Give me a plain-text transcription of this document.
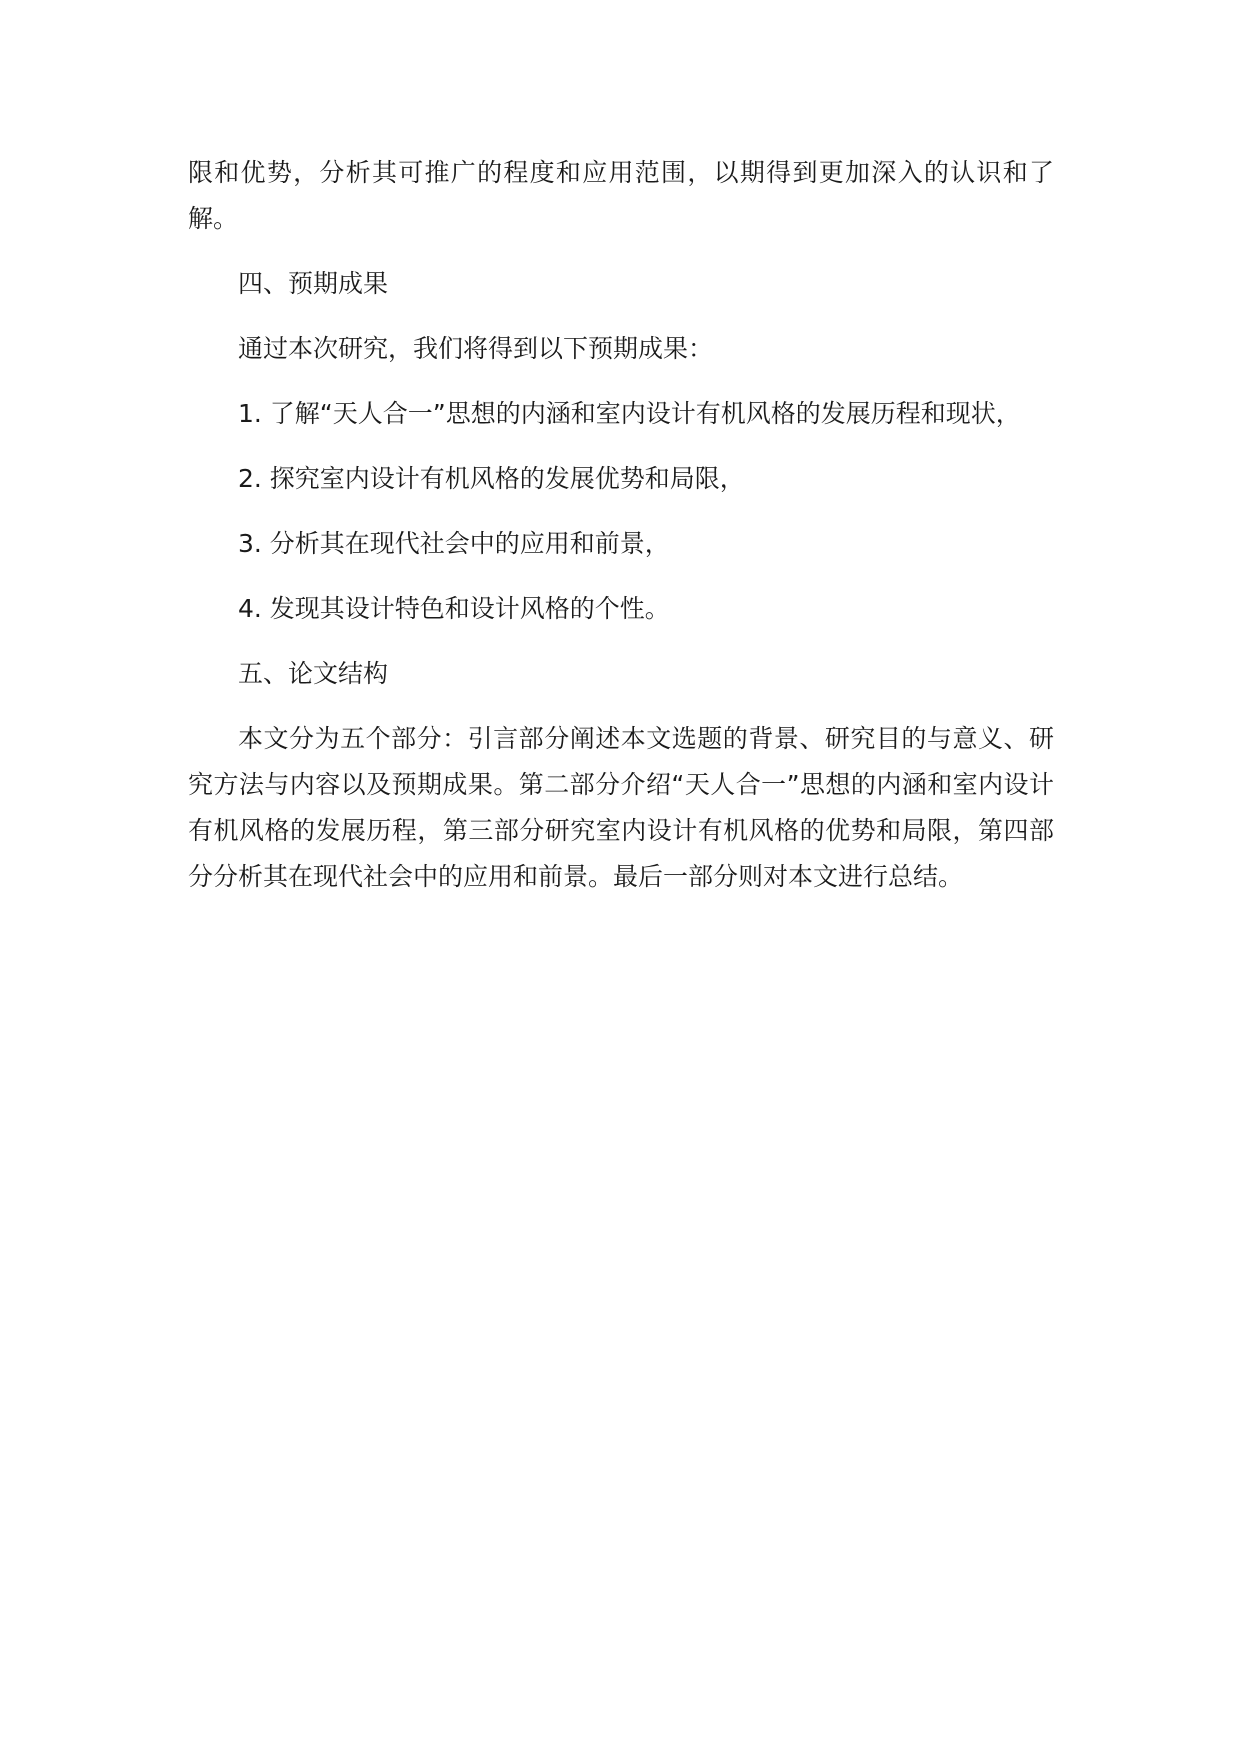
限和优势，分析其可推广的程度和应用范围，以期得到更加深入的认识和了解。

四、预期成果

通过本次研究，我们将得到以下预期成果：

1. 了解“天人合一”思想的内涵和室内设计有机风格的发展历程和现状，

2. 探究室内设计有机风格的发展优势和局限，

3. 分析其在现代社会中的应用和前景，

4. 发现其设计特色和设计风格的个性。

五、论文结构

本文分为五个部分：引言部分阐述本文选题的背景、研究目的与意义、研究方法与内容以及预期成果。第二部分介绍“天人合一”思想的内涵和室内设计有机风格的发展历程，第三部分研究室内设计有机风格的优势和局限，第四部分分析其在现代社会中的应用和前景。最后一部分则对本文进行总结。
